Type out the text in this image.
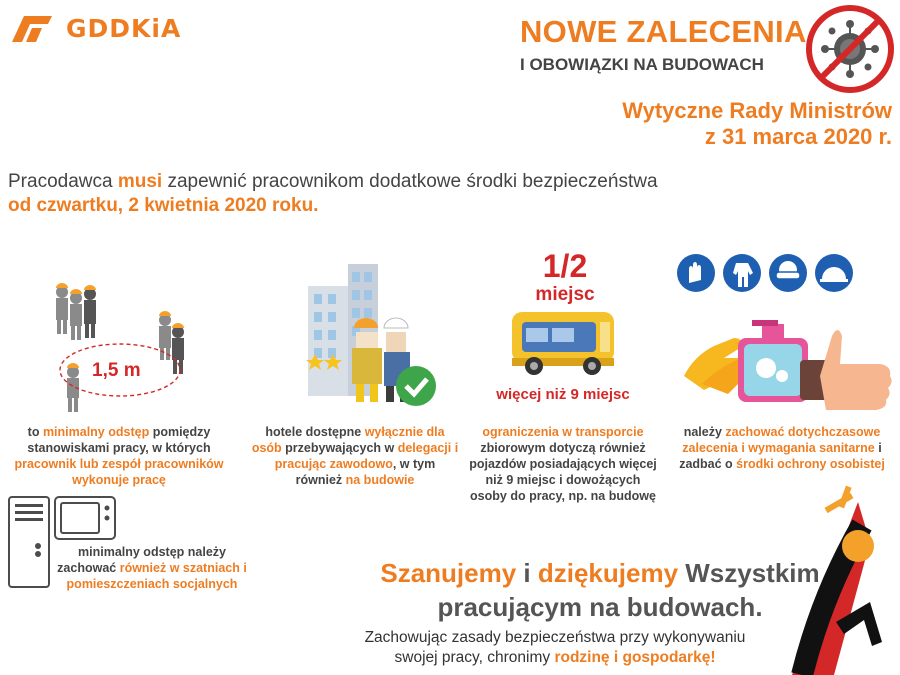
GDDKiA	NOWE ZALECENIA
I OBOWIĄZKI NA BUDOWACH
Wytyczne Rady Ministrów
z 31 marca 2020 r.
Pracodawca musi zapewnić pracownikom dodatkowe środki bezpieczeństwa
od czwartku, 2 kwietnia 2020 roku.
1,5 m
1/2
miejsc
więcej niż 9 miejsc
to minimalny odstęp pomiędzy stanowiskami pracy, w których pracownik lub zespół pracowników wykonuje pracę
hotele dostępne wyłącznie dla osób przebywających w delegacji i pracując zawodowo, w tym również na budowie
ograniczenia w transporcie zbiorowym dotyczą również pojazdów posiadających więcej niż 9 miejsc i dowożących osoby do pracy, np. na budowę
należy zachować dotychczasowe zalecenia i wymagania sanitarne i zadbać o środki ochrony osobistej
minimalny odstęp należy zachować również w szatniach i pomieszczeniach socjalnych	Szanujemy i dziękujemy Wszystkim
pracującym na budowach.
Zachowując zasady bezpieczeństwa przy wykonywaniu
swojej pracy, chronimy rodzinę i gospodarkę!
